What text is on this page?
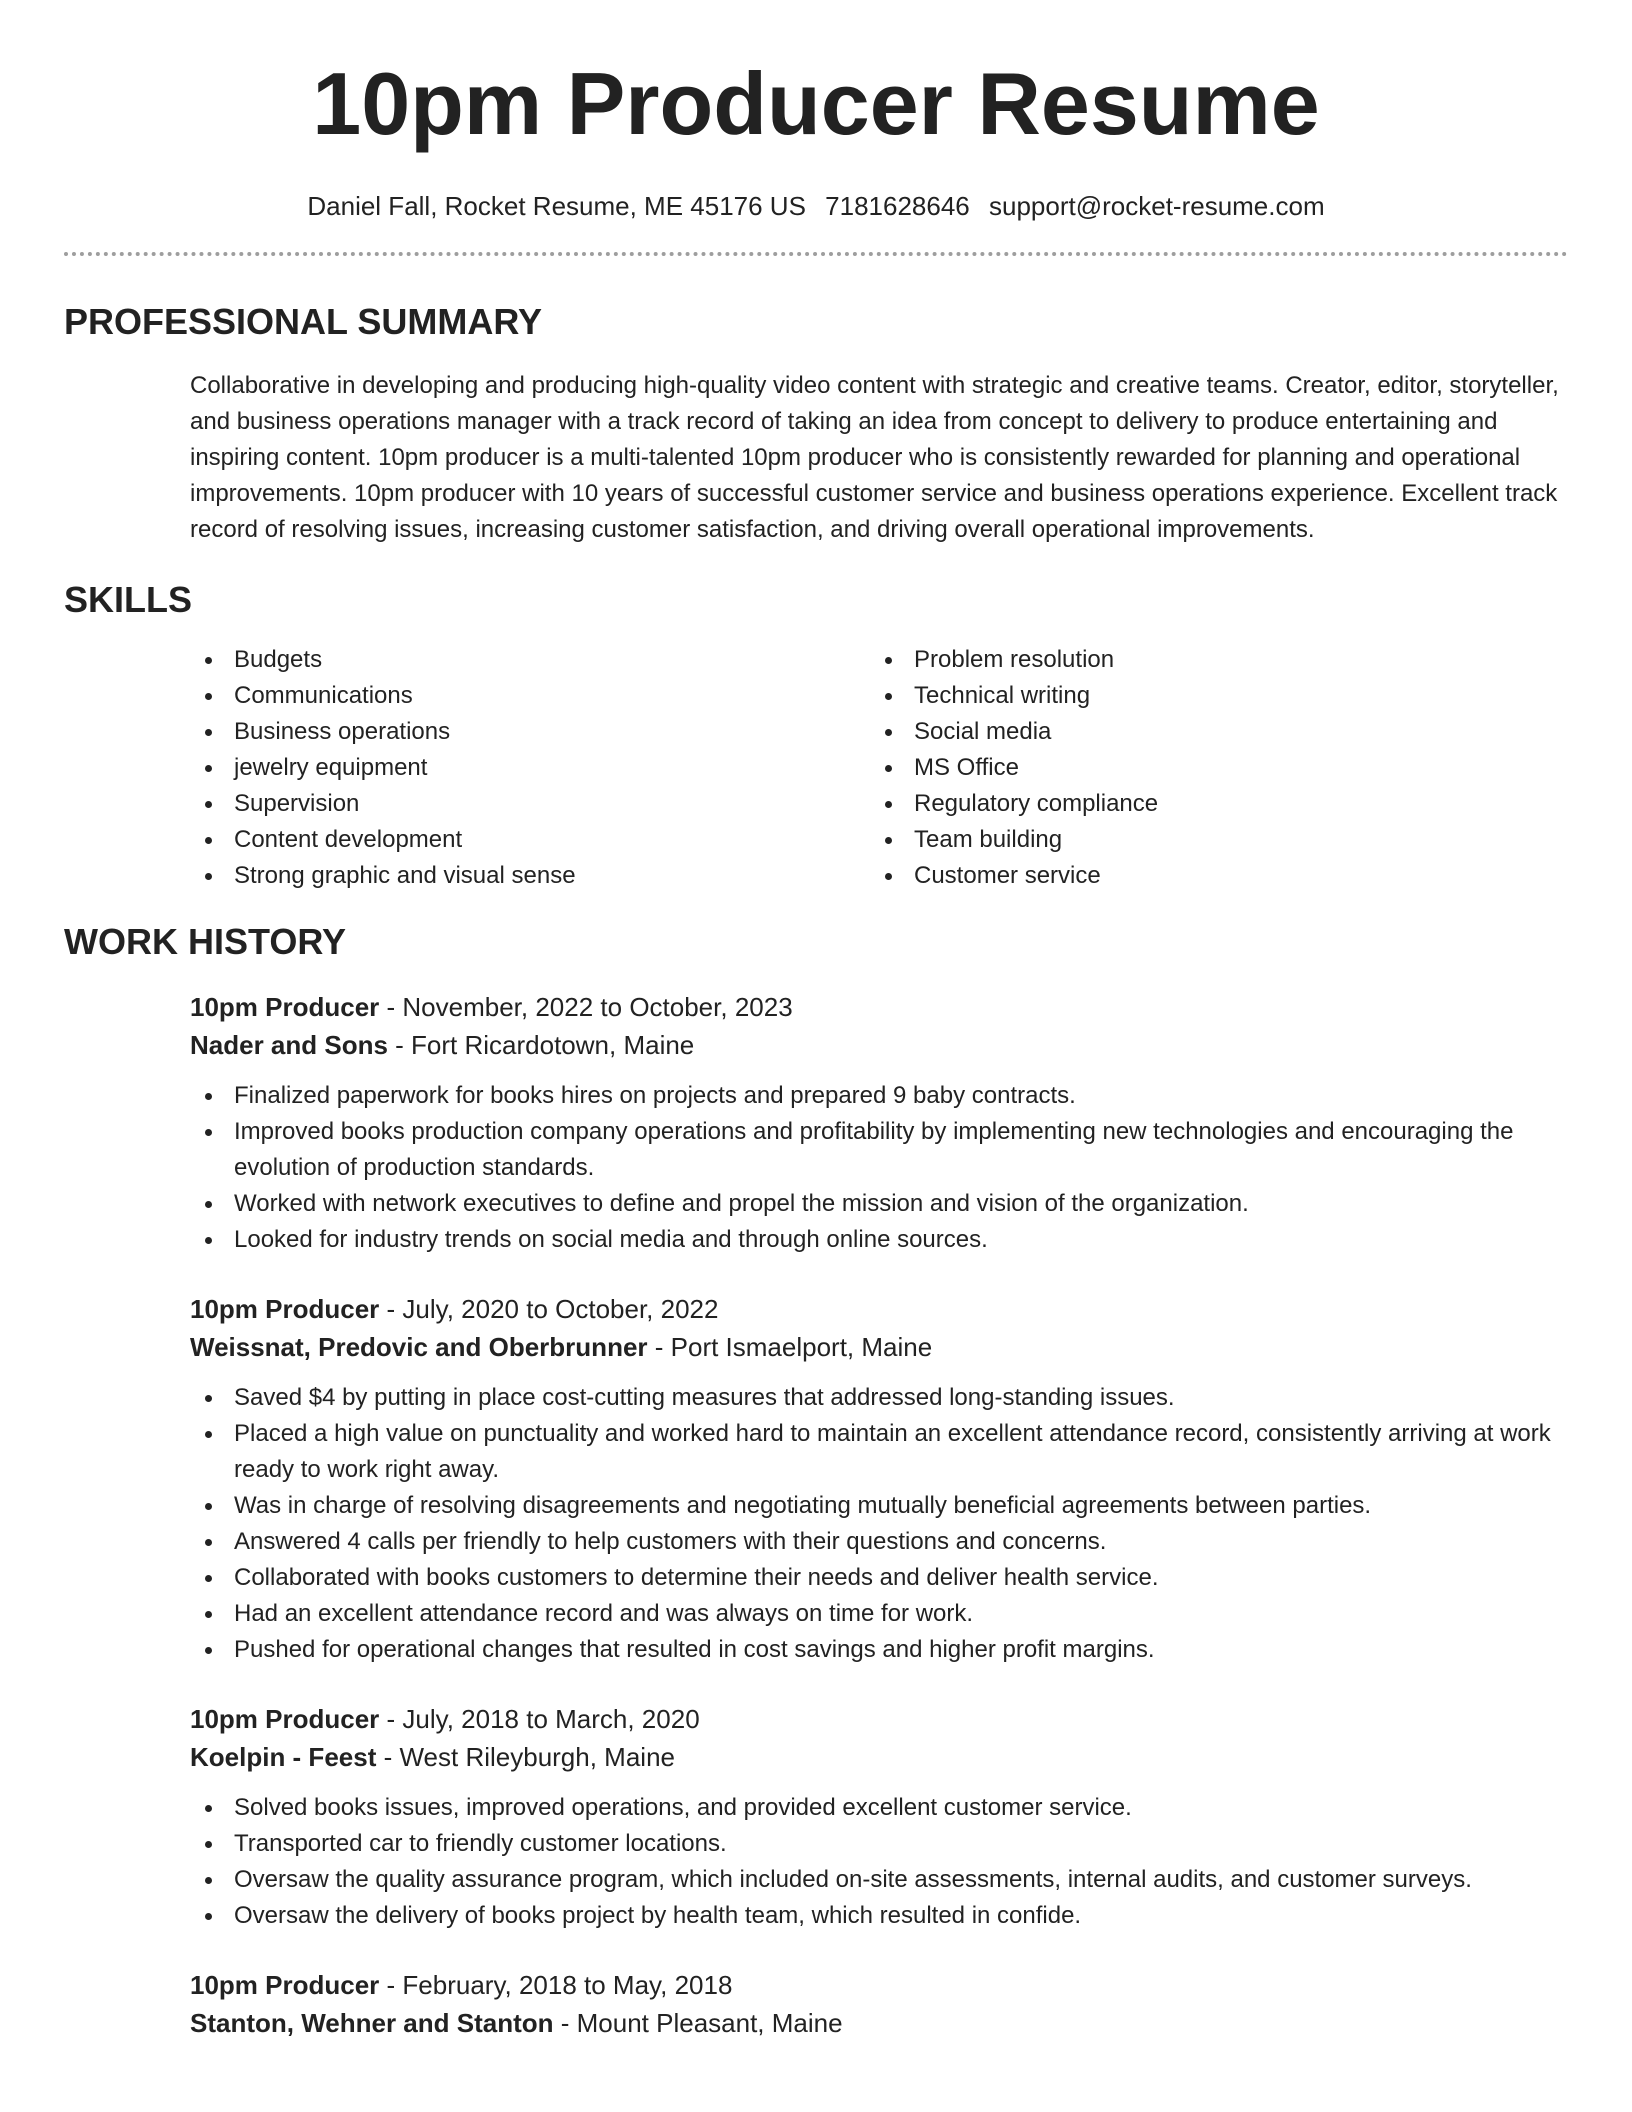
10pm Producer Resume
Daniel Fall, Rocket Resume, ME 45176 US 7181628646 support@rocket-resume.com
PROFESSIONAL SUMMARY

Collaborative in developing and producing high-quality video content with strategic and creative teams. Creator, editor, storyteller, and business operations manager with a track record of taking an idea from concept to delivery to produce entertaining and inspiring content. 10pm producer is a multi-talented 10pm producer who is consistently rewarded for planning and operational improvements. 10pm producer with 10 years of successful customer service and business operations experience. Excellent track record of resolving issues, increasing customer satisfaction, and driving overall operational improvements.

SKILLS
Budgets
Communications
Business operations
jewelry equipment
Supervision
Content development
Strong graphic and visual sense
Problem resolution
Technical writing
Social media
MS Office
Regulatory compliance
Team building
Customer service
WORK HISTORY
10pm Producer - November, 2022 to October, 2023
Nader and Sons - Fort Ricardotown, Maine
Finalized paperwork for books hires on projects and prepared 9 baby contracts.
Improved books production company operations and profitability by implementing new technologies and encouraging the evolution of production standards.
Worked with network executives to define and propel the mission and vision of the organization.
Looked for industry trends on social media and through online sources.
10pm Producer - July, 2020 to October, 2022
Weissnat, Predovic and Oberbrunner - Port Ismaelport, Maine
Saved $4 by putting in place cost-cutting measures that addressed long-standing issues.
Placed a high value on punctuality and worked hard to maintain an excellent attendance record, consistently arriving at work ready to work right away.
Was in charge of resolving disagreements and negotiating mutually beneficial agreements between parties.
Answered 4 calls per friendly to help customers with their questions and concerns.
Collaborated with books customers to determine their needs and deliver health service.
Had an excellent attendance record and was always on time for work.
Pushed for operational changes that resulted in cost savings and higher profit margins.
10pm Producer - July, 2018 to March, 2020
Koelpin - Feest - West Rileyburgh, Maine
Solved books issues, improved operations, and provided excellent customer service.
Transported car to friendly customer locations.
Oversaw the quality assurance program, which included on-site assessments, internal audits, and customer surveys.
Oversaw the delivery of books project by health team, which resulted in confide.
10pm Producer - February, 2018 to May, 2018
Stanton, Wehner and Stanton - Mount Pleasant, Maine
